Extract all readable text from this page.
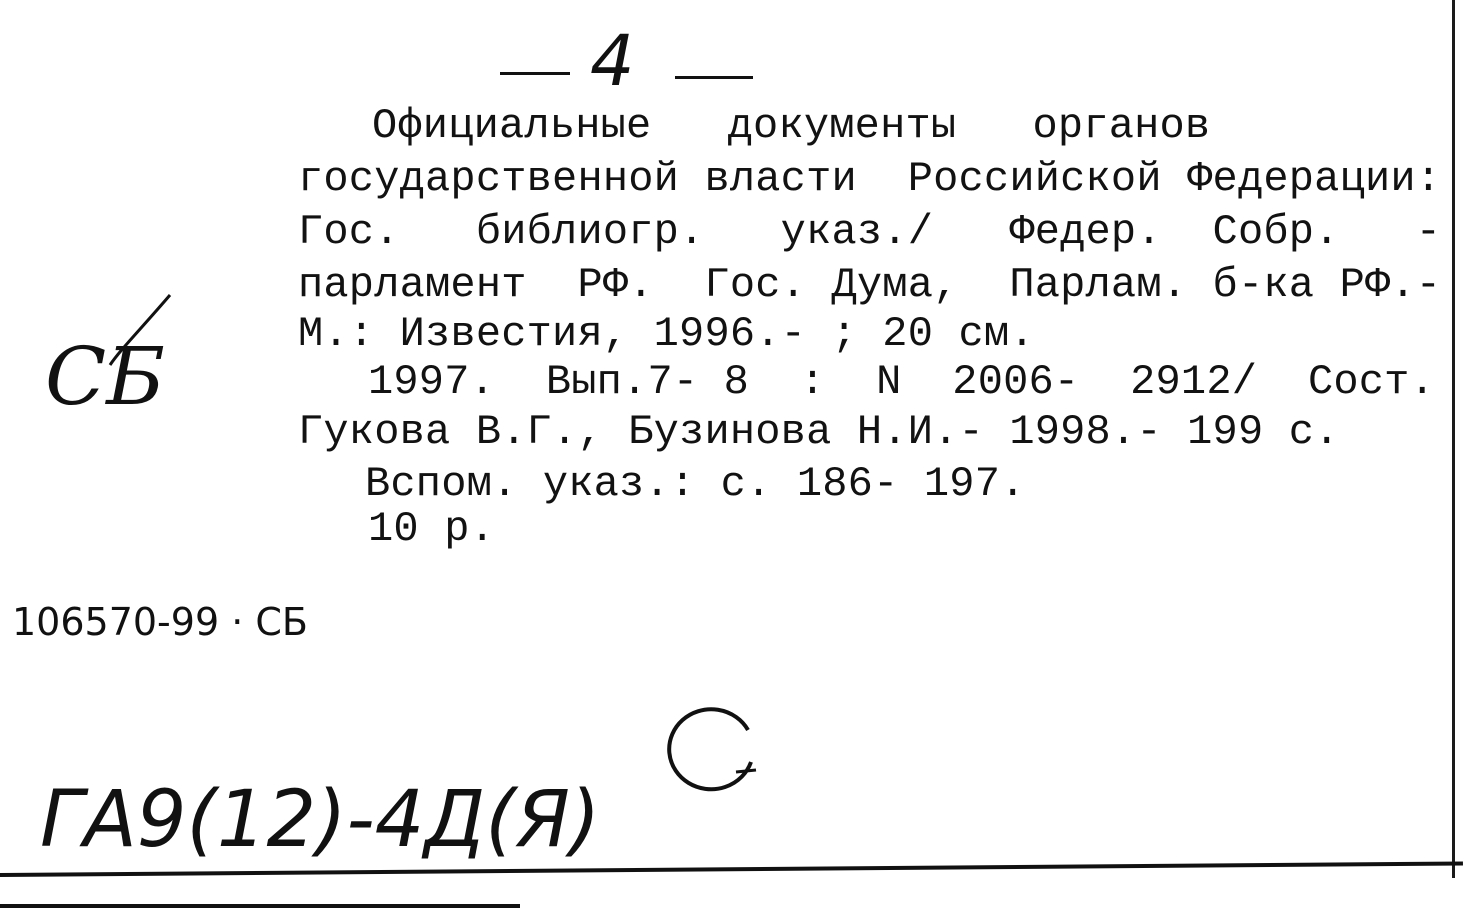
4
Официальные   документы   органов
государственной власти  Российской Федерации:
Гос.   библиогр.   указ./   Федер.  Собр.   -
парламент  РФ.  Гос. Дума,  Парлам. б-ка РФ.-
М.: Известия, 1996.- ; 20 см.
1997.  Вып.7- 8  :  N  2006-  2912/  Сост.
Гукова В.Г., Бузинова Н.И.- 1998.- 199 с.
Вспом. указ.: с. 186- 197.
10 р.
СБ
106570-99 · СБ
ГА9(12)-4Д(Я)
